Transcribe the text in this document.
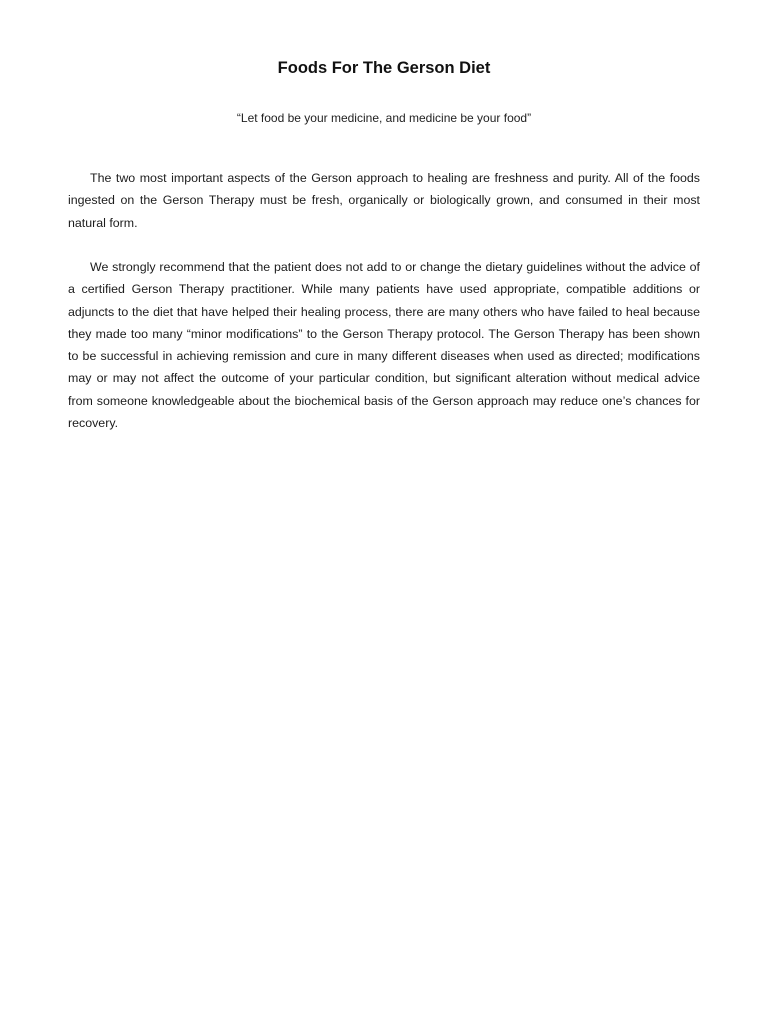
Foods For The Gerson Diet
“Let food be your medicine, and medicine be your food”

The two most important aspects of the Gerson approach to healing are freshness and purity. All of the foods ingested on the Gerson Therapy must be fresh, organically or biologically grown, and consumed in their most natural form.

We strongly recommend that the patient does not add to or change the dietary guidelines without the advice of a certified Gerson Therapy practitioner. While many patients have used appropriate, compatible additions or adjuncts to the diet that have helped their healing process, there are many others who have failed to heal because they made too many “minor modifications” to the Gerson Therapy protocol. The Gerson Therapy has been shown to be successful in achieving remission and cure in many different diseases when used as directed; modifications may or may not affect the outcome of your particular condition, but significant alteration without medical advice from someone knowledgeable about the biochemical basis of the Gerson approach may reduce one’s chances for recovery.
